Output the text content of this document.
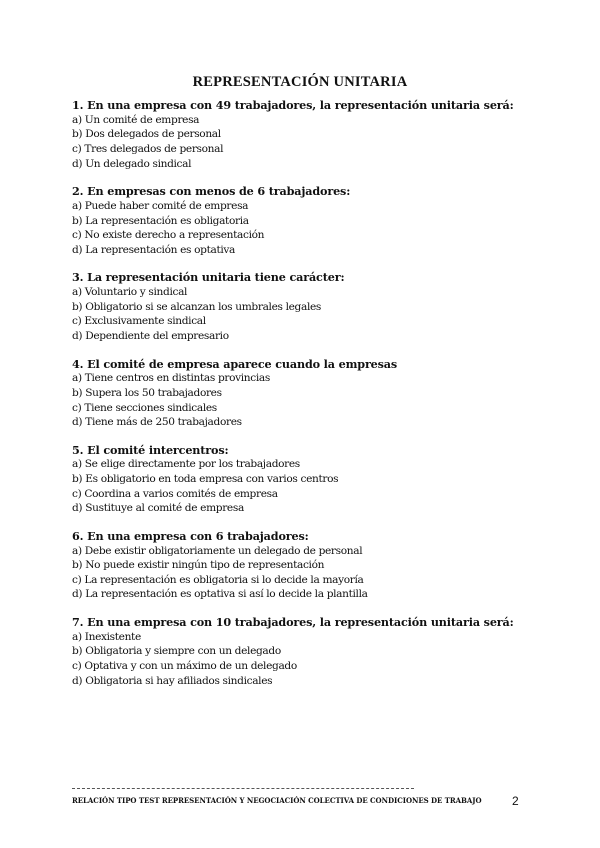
REPRESENTACIÓN UNITARIA
1. En una empresa con 49 trabajadores, la representación unitaria será:
a) Un comité de empresa
b) Dos delegados de personal
c) Tres delegados de personal
d) Un delegado sindical
2. En empresas con menos de 6 trabajadores:
a) Puede haber comité de empresa
b) La representación es obligatoria
c) No existe derecho a representación
d) La representación es optativa
3. La representación unitaria tiene carácter:
a) Voluntario y sindical
b) Obligatorio si se alcanzan los umbrales legales
c) Exclusivamente sindical
d) Dependiente del empresario
4. El comité de empresa aparece cuando la empresas
a) Tiene centros en distintas provincias
b) Supera los 50 trabajadores
c) Tiene secciones sindicales
d) Tiene más de 250 trabajadores
5. El comité intercentros:
a) Se elige directamente por los trabajadores
b) Es obligatorio en toda empresa con varios centros
c) Coordina a varios comités de empresa
d) Sustituye al comité de empresa
6. En una empresa con 6 trabajadores:
a) Debe existir obligatoriamente un delegado de personal
b) No puede existir ningún tipo de representación
c) La representación es obligatoria si lo decide la mayoría
d) La representación es optativa si así lo decide la plantilla
7. En una empresa con 10 trabajadores, la representación unitaria será:
a) Inexistente
b) Obligatoria y siempre con un delegado
c) Optativa y con un máximo de un delegado
d) Obligatoria si hay afiliados sindicales
RELACIÓN TIPO TEST REPRESENTACIÓN Y NEGOCIACIÓN COLECTIVA DE CONDICIONES DE TRABAJO	2
